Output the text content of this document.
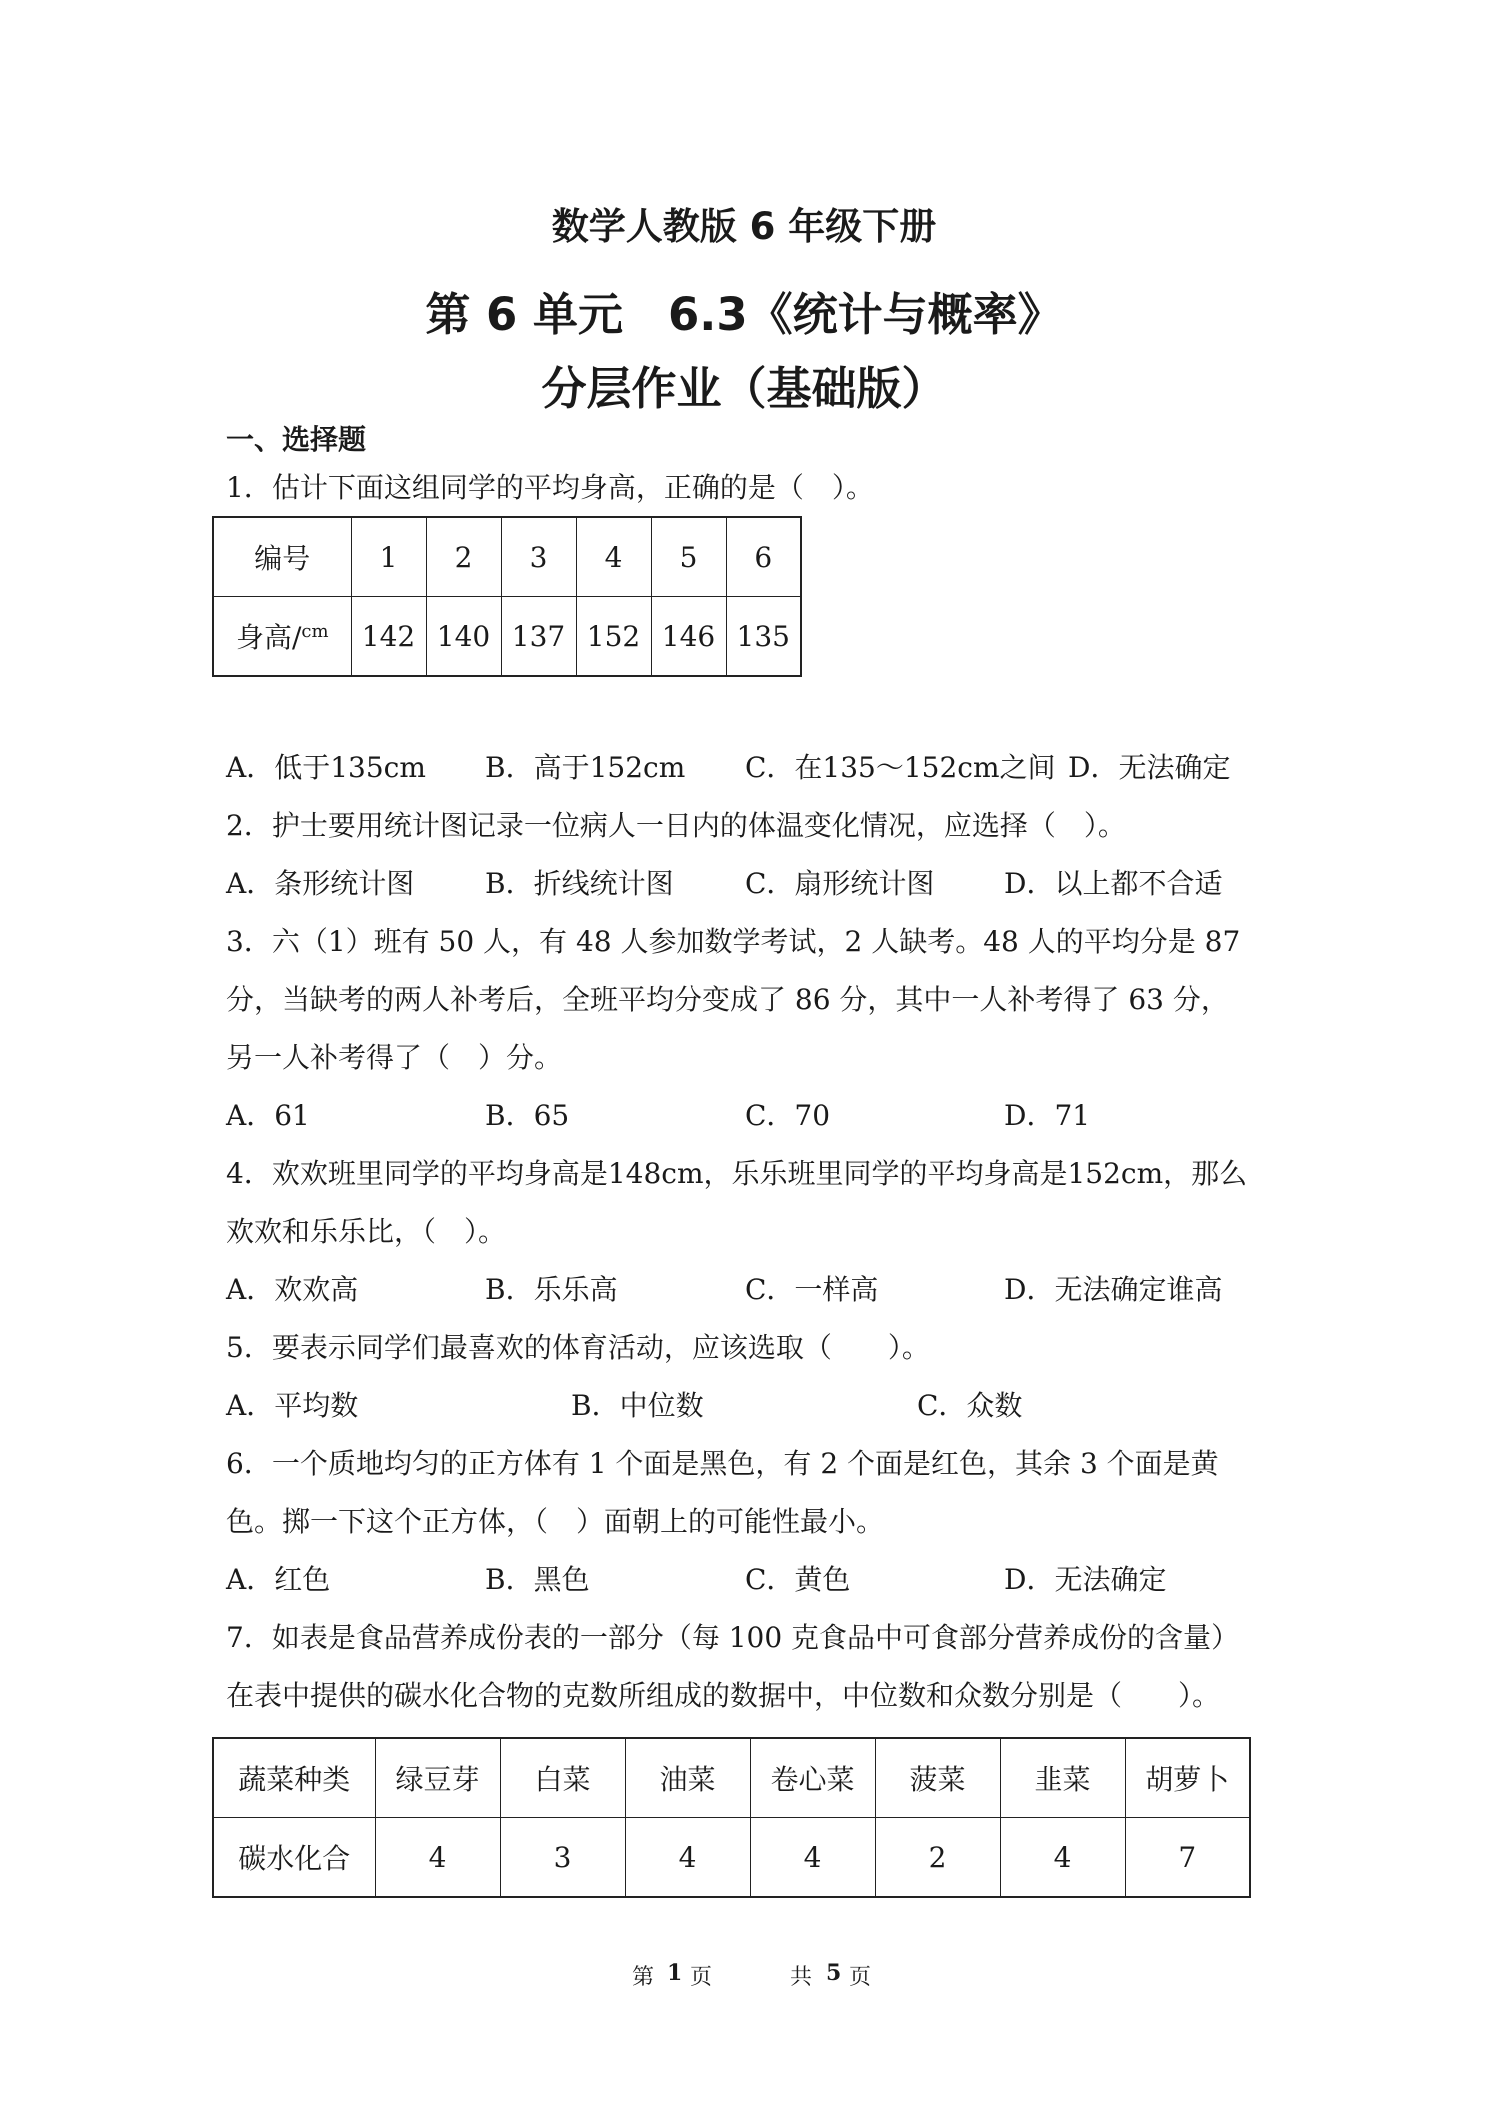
数学人教版 6 年级下册
第 6 单元　6.3《统计与概率》
分层作业（基础版）
一、选择题
1．估计下面这组同学的平均身高，正确的是（　）。
编号	1	2	3	4	5	6
身高/$^{cm}$	142	140	137	152	146	135
A．低于135cm B．高于152cm C．在135～152cm之间 D．无法确定
2．护士要用统计图记录一位病人一日内的体温变化情况，应选择（　）。
A．条形统计图	B．折线统计图	C．扇形统计图 D．以上都不合适
3．六（1）班有 50 人，有 48 人参加数学考试，2 人缺考。48 人的平均分是 87
分，当缺考的两人补考后，全班平均分变成了 86 分，其中一人补考得了 63 分，
另一人补考得了（　）分。
A．61	B．65	C．70	D．71
4．欢欢班里同学的平均身高是148cm，乐乐班里同学的平均身高是152cm，那么
欢欢和乐乐比，（　）。
A．欢欢高	B．乐乐高	C．一样高	D．无法确定谁高
5．要表示同学们最喜欢的体育活动，应该选取（　　）。
A．平均数	B．中位数	C．众数
6．一个质地均匀的正方体有 1 个面是黑色，有 2 个面是红色，其余 3 个面是黄
色。掷一下这个正方体，（　）面朝上的可能性最小。
A．红色	B．黑色	C．黄色	D．无法确定
7．如表是食品营养成份表的一部分（每 100 克食品中可食部分营养成份的含量）
在表中提供的碳水化合物的克数所组成的数据中，中位数和众数分别是（　　）。
蔬菜种类	绿豆芽	白菜	油菜	卷心菜	菠菜	韭菜	胡萝卜
碳水化合	4	3	4	4	2	4	7
第 1 页	共 5 页
